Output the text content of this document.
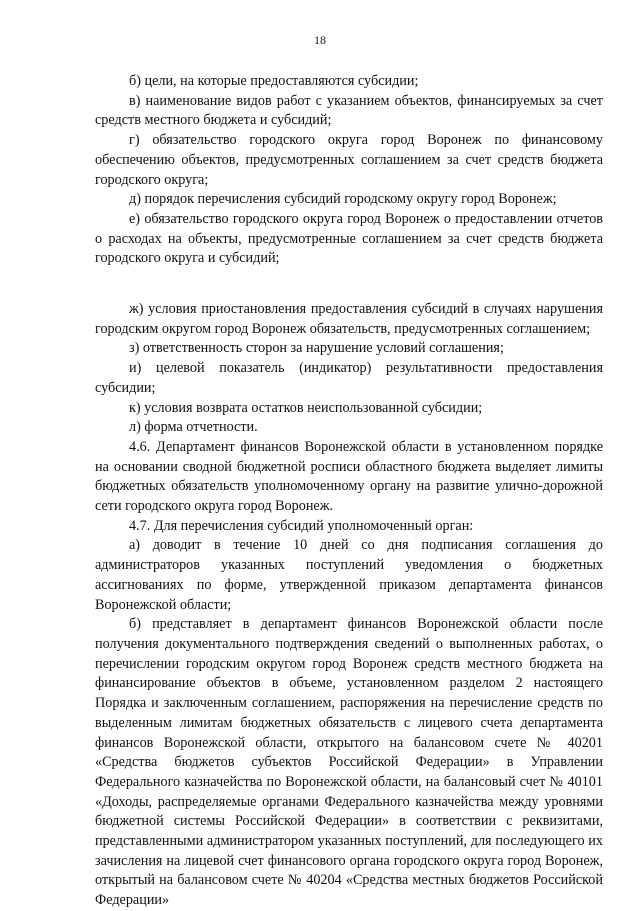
18

б) цели, на которые предоставляются субсидии;

в) наименование видов работ с указанием объектов, финансируемых за счет средств местного бюджета и субсидий;

г) обязательство городского округа город Воронеж по финансовому обеспечению объектов, предусмотренных соглашением за счет средств бюджета городского округа;

д) порядок перечисления субсидий городскому округу город Воронеж;

е) обязательство городского округа город Воронеж о предоставлении отчетов о расходах на объекты, предусмотренные соглашением за счет средств бюджета городского округа и субсидий;

ж) условия приостановления предоставления субсидий в случаях нарушения городским округом город Воронеж обязательств, предусмотренных соглашением;

з) ответственность сторон за нарушение условий соглашения;

и) целевой показатель (индикатор) результативности предоставления субсидии;

к) условия возврата остатков неиспользованной субсидии;

л) форма отчетности.

4.6. Департамент финансов Воронежской области в установленном порядке на основании сводной бюджетной росписи областного бюджета выделяет лимиты бюджетных обязательств уполномоченному органу на развитие улично-дорожной сети городского округа город Воронеж.

4.7. Для перечисления субсидий уполномоченный орган:

а) доводит в течение 10 дней со дня подписания соглашения до администраторов указанных поступлений уведомления о бюджетных ассигнованиях по форме, утвержденной приказом департамента финансов Воронежской области;

б) представляет в департамент финансов Воронежской области после получения документального подтверждения сведений о выполненных работах, о перечислении городским округом город Воронеж средств местного бюджета на финансирование объектов в объеме, установленном разделом 2 настоящего Порядка и заключенным соглашением, распоряжения на перечисление средств по выделенным лимитам бюджетных обязательств с лицевого счета департамента финансов Воронежской области, открытого на балансовом счете № 40201 «Средства бюджетов субъектов Российской Федерации» в Управлении Федерального казначейства по Воронежской области, на балансовый счет № 40101 «Доходы, распределяемые органами Федерального казначейства между уровнями бюджетной системы Российской Федерации» в соответствии с реквизитами, представленными администратором указанных поступлений, для последующего их зачисления на лицевой счет финансового органа городского округа город Воронеж, открытый на балансовом счете № 40204 «Средства местных бюджетов Российской Федерации»
